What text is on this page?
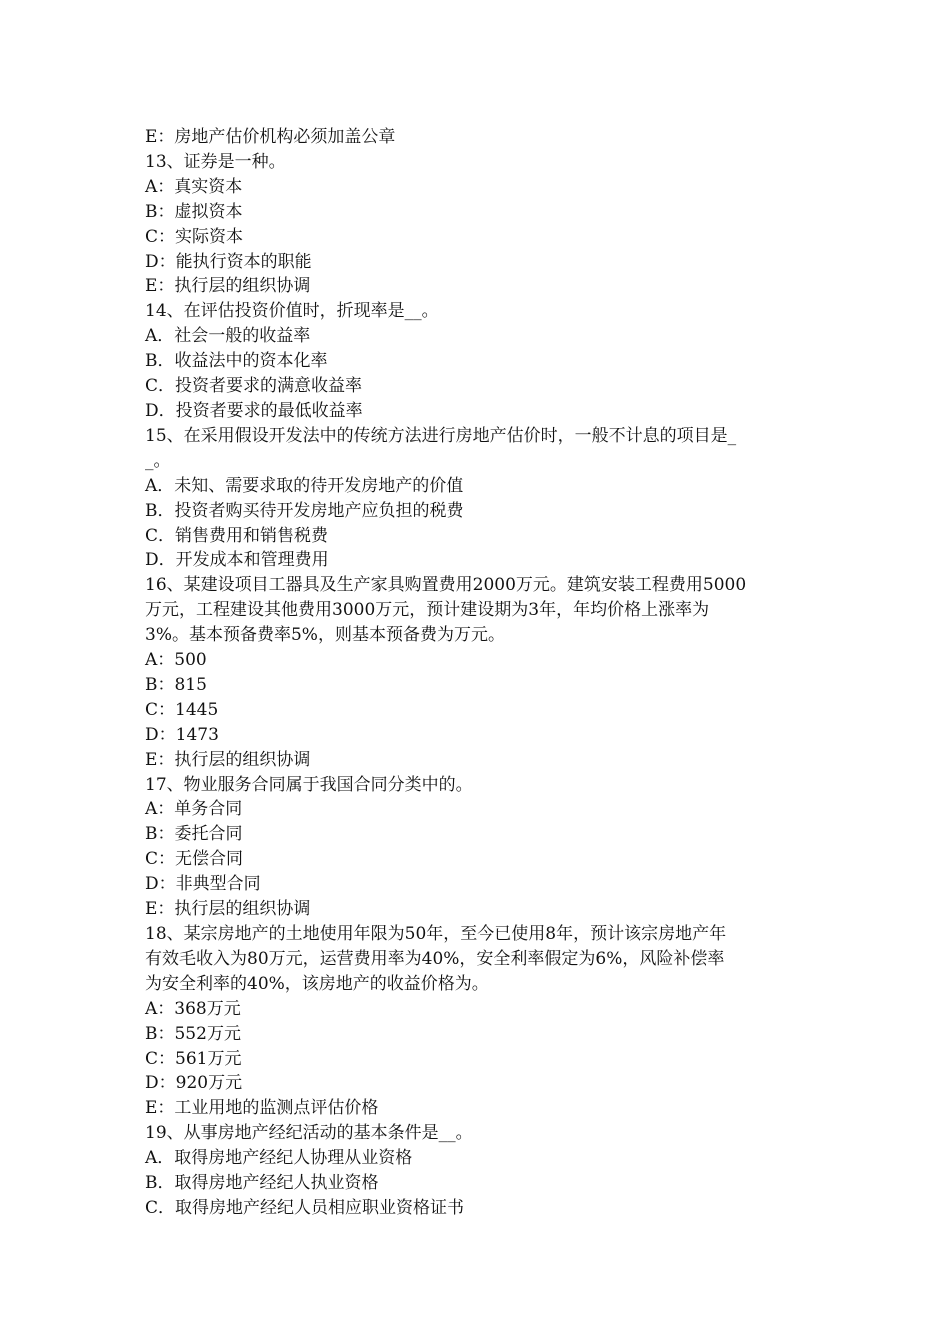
E：房地产估价机构必须加盖公章
13、证券是一种。
A：真实资本
B：虚拟资本
C：实际资本
D：能执行资本的职能
E：执行层的组织协调
14、在评估投资价值时，折现率是__。
A．社会一般的收益率
B．收益法中的资本化率
C．投资者要求的满意收益率
D．投资者要求的最低收益率
15、在采用假设开发法中的传统方法进行房地产估价时，一般不计息的项目是_
_。
A．未知、需要求取的待开发房地产的价值
B．投资者购买待开发房地产应负担的税费
C．销售费用和销售税费
D．开发成本和管理费用
16、某建设项目工器具及生产家具购置费用2000万元。建筑安装工程费用5000
万元，工程建设其他费用3000万元，预计建设期为3年，年均价格上涨率为
3%。基本预备费率5%，则基本预备费为万元。
A：500
B：815
C：1445
D：1473
E：执行层的组织协调
17、物业服务合同属于我国合同分类中的。
A：单务合同
B：委托合同
C：无偿合同
D：非典型合同
E：执行层的组织协调
18、某宗房地产的土地使用年限为50年，至今已使用8年，预计该宗房地产年
有效毛收入为80万元，运营费用率为40%，安全利率假定为6%，风险补偿率
为安全利率的40%，该房地产的收益价格为。
A：368万元
B：552万元
C：561万元
D：920万元
E：工业用地的监测点评估价格
19、从事房地产经纪活动的基本条件是__。
A．取得房地产经纪人协理从业资格
B．取得房地产经纪人执业资格
C．取得房地产经纪人员相应职业资格证书
